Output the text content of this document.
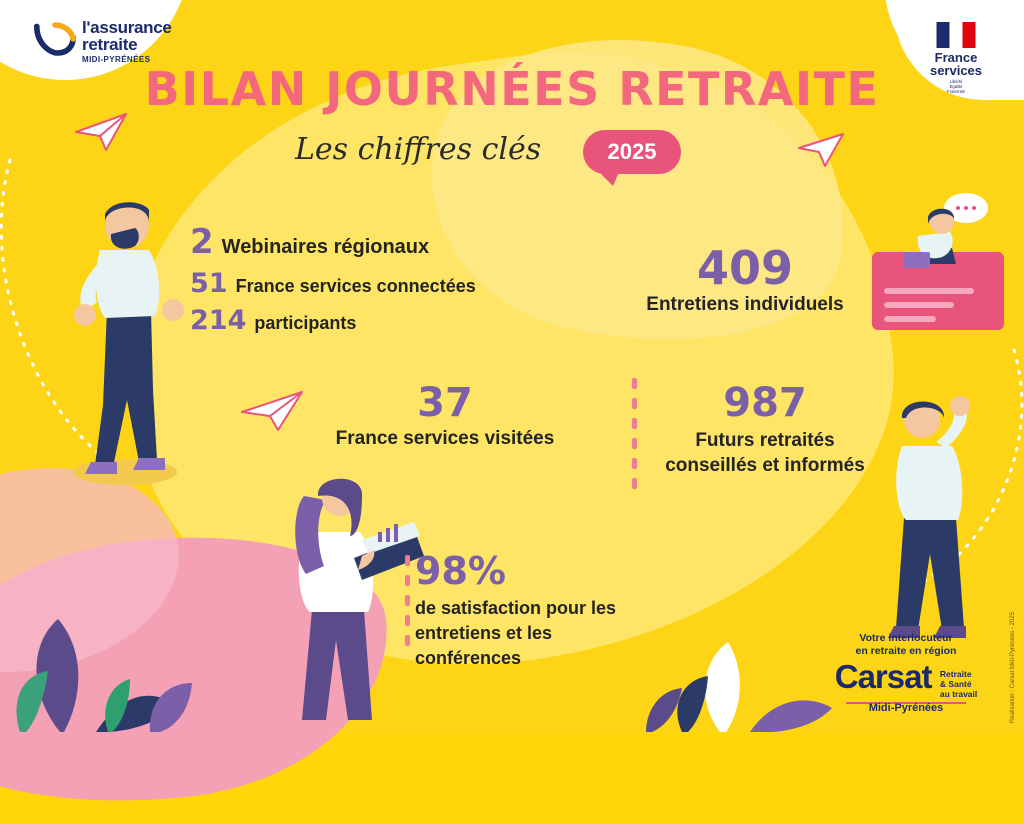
l'assurance
retraite
MIDI-PYRÉNÉES	France
services
Liberté
Égalité
Fraternité
BILAN JOURNÉES RETRAITE
Les chiffres clés	2025
2 Webinaires régionaux
51 France services connectées
214 participants
409
Entretiens individuels
37
France services visitées
987
Futurs retraités conseillés et informés
98%
de satisfaction pour les entretiens et les conférences
Votre interlocuteur
en retraite en région
Carsat Retraite
& Santé
au travail
Midi-Pyrénées	Réalisation : Carsat Midi-Pyrénées - 2025
